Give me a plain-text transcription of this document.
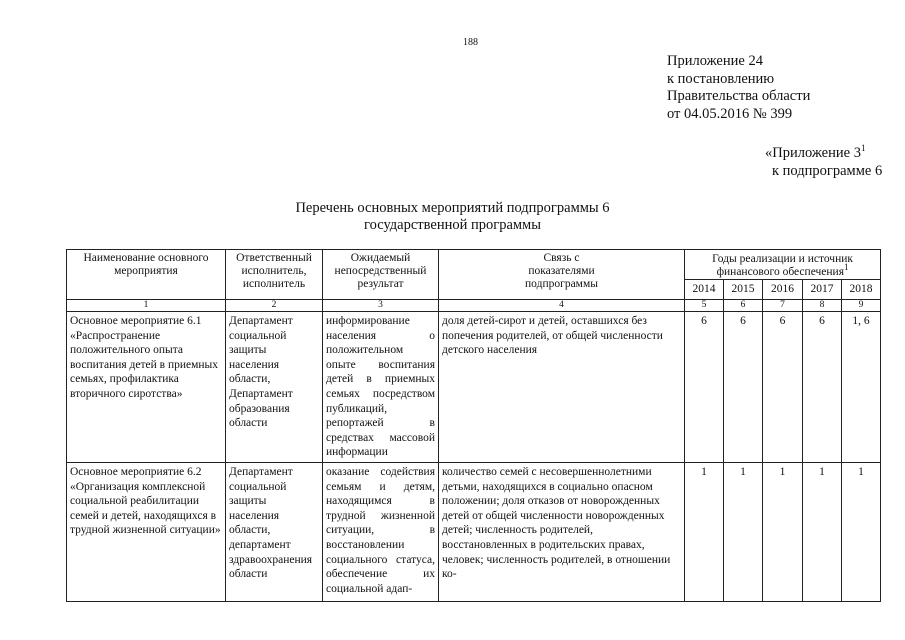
188
Приложение 24
к постановлению
Правительства области
от 04.05.2016 № 399
«Приложение $3^1$
к подпрограмме 6
Перечень основных мероприятий подпрограммы 6
государственной программы
Наименование основного мероприятия	Ответственный исполнитель, исполнитель	Ожидаемый непосредственный результат	Связь с показателями подпрограммы	Годы реализации и источник финансового обеспечения$^1$
				2014	2015	2016	2017	2018
1	2	3	4	5	6	7	8	9
Основное мероприятие 6.1 «Распространение положительного опыта воспитания детей в приемных семьях, профилактика вторичного сиротства»	Департамент социальной защиты населения области, Департамент образования области	информирование населения о положительном опыте воспитания детей в приемных семьях посредством публикаций, репортажей в средствах массовой информации	доля детей-сирот и детей, оставшихся без попечения родителей, от общей численности детского населения	6	6	6	6	1, 6

Основное мероприятие 6.2 «Организация комплексной социальной реабилитации семей и детей, находящихся в трудной жизненной ситуации»	Департамент социальной защиты населения области, департамент здравоохранения области	оказание содействия семьям и детям, находящимся в трудной жизненной ситуации, в восстановлении социального статуса, обеспечение их социальной адап-	количество семей с несовершеннолетними детьми, находящихся в социально опасном положении; доля отказов от новорожденных детей от общей численности новорожденных детей; численность родителей, восстановленных в родительских правах, человек; численность родителей, в отношении ко-	1	1	1	1	1
